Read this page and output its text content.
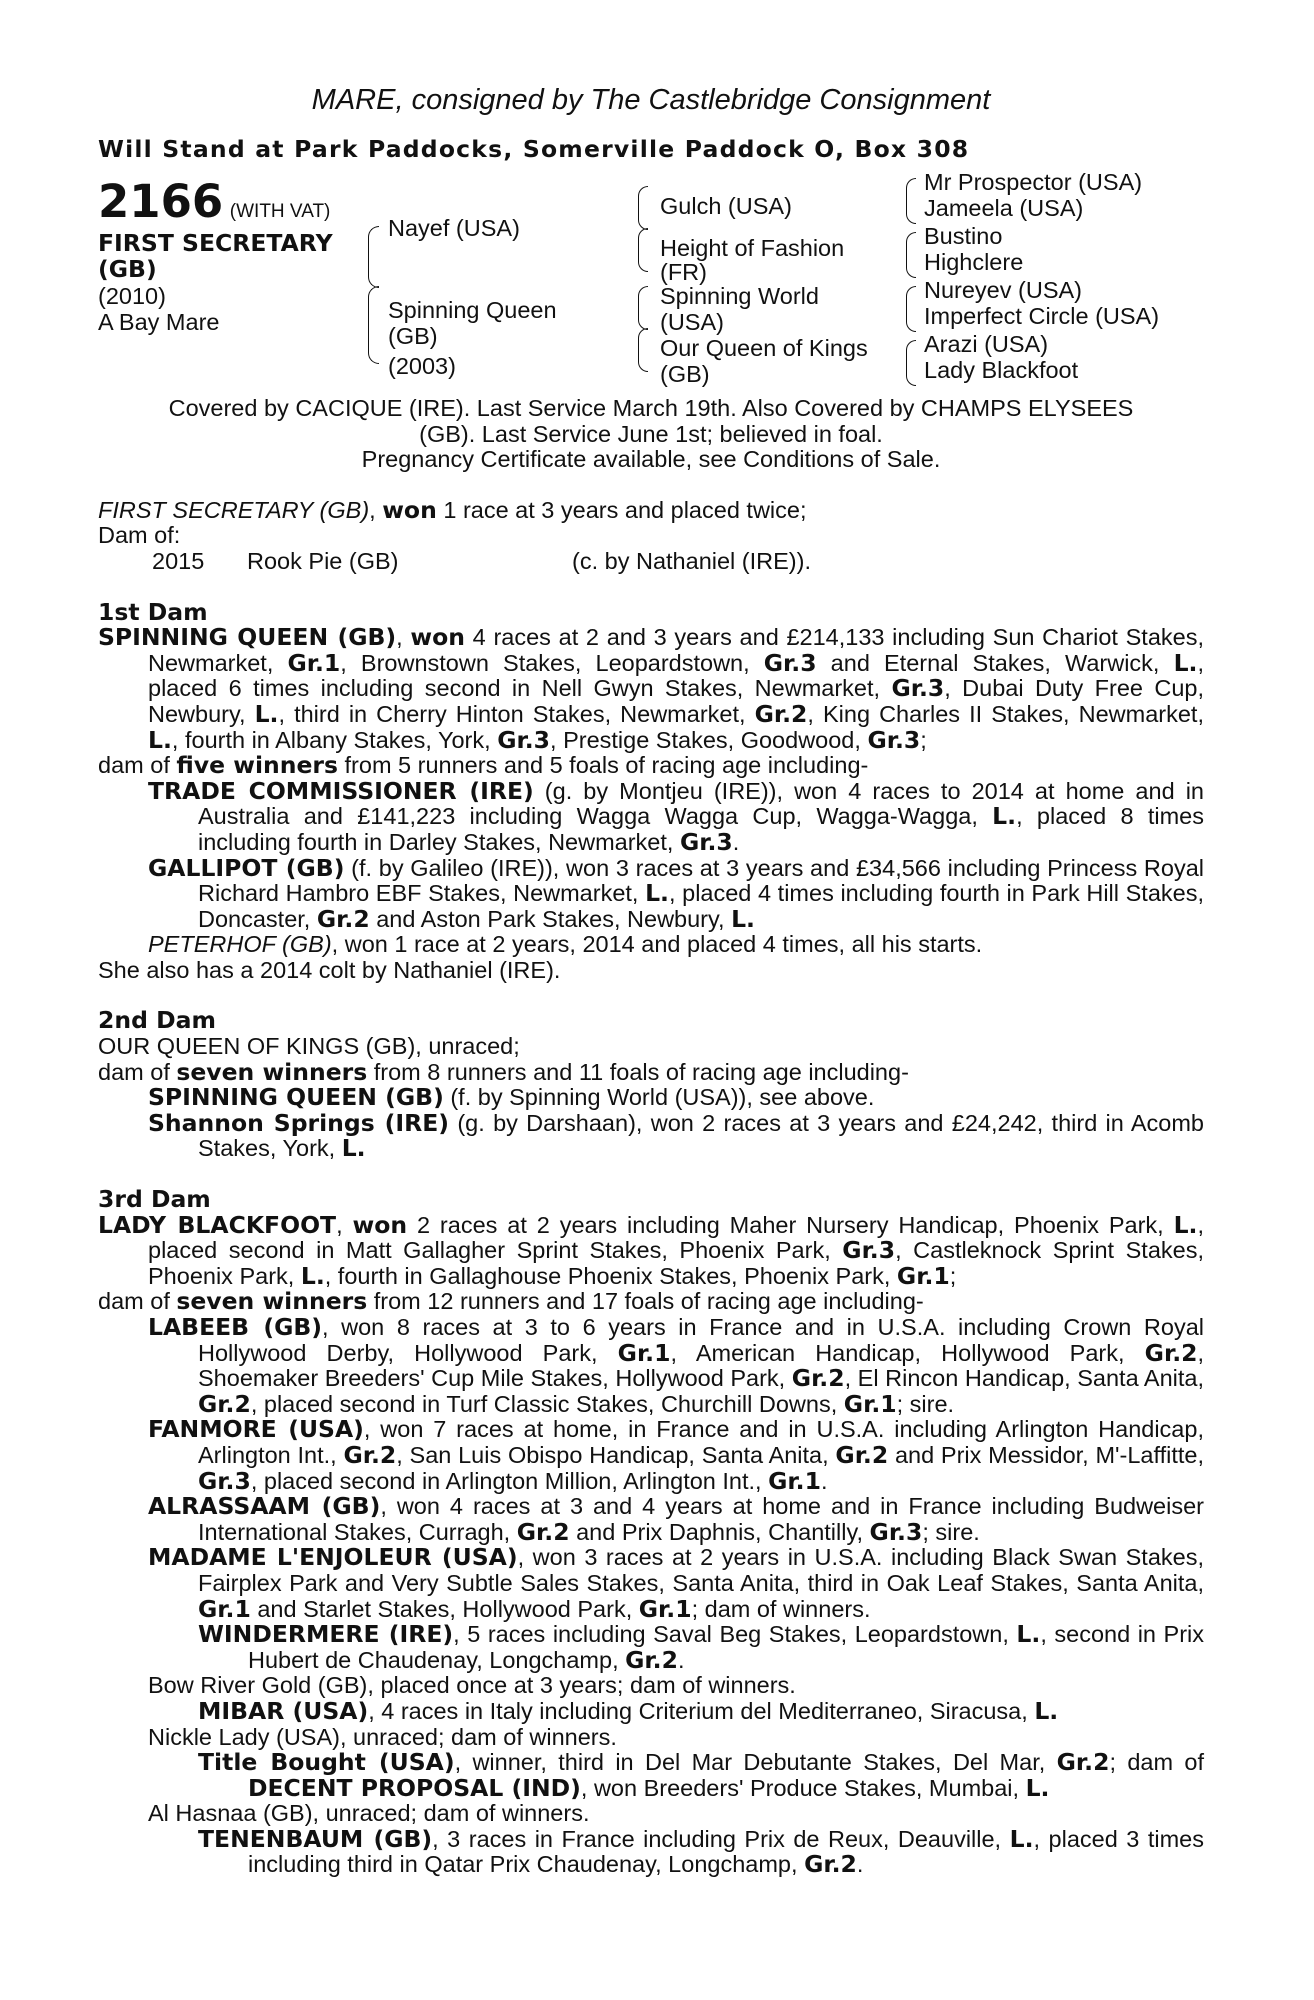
MARE, consigned by The Castlebridge Consignment

Will Stand at Park Paddocks, Somerville Paddock O, Box 308

2166 (WITH VAT)
FIRST SECRETARY
(GB)
(2010)
A Bay Mare
Nayef (USA)
Spinning Queen
(GB)
(2003)
Gulch (USA)
Height of Fashion
(FR)
Spinning World
(USA)
Our Queen of Kings
(GB)
Mr Prospector (USA)
Jameela (USA)
Bustino
Highclere
Nureyev (USA)
Imperfect Circle (USA)
Arazi (USA)
Lady Blackfoot

Covered by CACIQUE (IRE). Last Service March 19th. Also Covered by CHAMPS ELYSEES

(GB). Last Service June 1st; believed in foal.

Pregnancy Certificate available, see Conditions of Sale.

FIRST SECRETARY (GB), won 1 race at 3 years and placed twice;

Dam of:

2015	Rook Pie (GB)	(c. by Nathaniel (IRE)).

1st Dam

SPINNING QUEEN (GB), won 4 races at 2 and 3 years and £214,133 including Sun Chariot Stakes, Newmarket, Gr.1, Brownstown Stakes, Leopardstown, Gr.3 and Eternal Stakes, Warwick, L., placed 6 times including second in Nell Gwyn Stakes, Newmarket, Gr.3, Dubai Duty Free Cup, Newbury, L., third in Cherry Hinton Stakes, Newmarket, Gr.2, King Charles II Stakes, Newmarket, L., fourth in Albany Stakes, York, Gr.3, Prestige Stakes, Goodwood, Gr.3;

dam of five winners from 5 runners and 5 foals of racing age including-

TRADE COMMISSIONER (IRE) (g. by Montjeu (IRE)), won 4 races to 2014 at home and in Australia and £141,223 including Wagga Wagga Cup, Wagga-Wagga, L., placed 8 times including fourth in Darley Stakes, Newmarket, Gr.3.

GALLIPOT (GB) (f. by Galileo (IRE)), won 3 races at 3 years and £34,566 including Princess Royal Richard Hambro EBF Stakes, Newmarket, L., placed 4 times including fourth in Park Hill Stakes, Doncaster, Gr.2 and Aston Park Stakes, Newbury, L.

PETERHOF (GB), won 1 race at 2 years, 2014 and placed 4 times, all his starts.

She also has a 2014 colt by Nathaniel (IRE).

2nd Dam

OUR QUEEN OF KINGS (GB), unraced;

dam of seven winners from 8 runners and 11 foals of racing age including-

SPINNING QUEEN (GB) (f. by Spinning World (USA)), see above.

Shannon Springs (IRE) (g. by Darshaan), won 2 races at 3 years and £24,242, third in Acomb Stakes, York, L.

3rd Dam

LADY BLACKFOOT, won 2 races at 2 years including Maher Nursery Handicap, Phoenix Park, L., placed second in Matt Gallagher Sprint Stakes, Phoenix Park, Gr.3, Castleknock Sprint Stakes, Phoenix Park, L., fourth in Gallaghouse Phoenix Stakes, Phoenix Park, Gr.1;

dam of seven winners from 12 runners and 17 foals of racing age including-

LABEEB (GB), won 8 races at 3 to 6 years in France and in U.S.A. including Crown Royal Hollywood Derby, Hollywood Park, Gr.1, American Handicap, Hollywood Park, Gr.2, Shoemaker Breeders' Cup Mile Stakes, Hollywood Park, Gr.2, El Rincon Handicap, Santa Anita, Gr.2, placed second in Turf Classic Stakes, Churchill Downs, Gr.1; sire.

FANMORE (USA), won 7 races at home, in France and in U.S.A. including Arlington Handicap, Arlington Int., Gr.2, San Luis Obispo Handicap, Santa Anita, Gr.2 and Prix Messidor, M'-Laffitte, Gr.3, placed second in Arlington Million, Arlington Int., Gr.1.

ALRASSAAM (GB), won 4 races at 3 and 4 years at home and in France including Budweiser International Stakes, Curragh, Gr.2 and Prix Daphnis, Chantilly, Gr.3; sire.

MADAME L'ENJOLEUR (USA), won 3 races at 2 years in U.S.A. including Black Swan Stakes, Fairplex Park and Very Subtle Sales Stakes, Santa Anita, third in Oak Leaf Stakes, Santa Anita, Gr.1 and Starlet Stakes, Hollywood Park, Gr.1; dam of winners.

WINDERMERE (IRE), 5 races including Saval Beg Stakes, Leopardstown, L., second in Prix Hubert de Chaudenay, Longchamp, Gr.2.

Bow River Gold (GB), placed once at 3 years; dam of winners.

MIBAR (USA), 4 races in Italy including Criterium del Mediterraneo, Siracusa, L.

Nickle Lady (USA), unraced; dam of winners.

Title Bought (USA), winner, third in Del Mar Debutante Stakes, Del Mar, Gr.2; dam of DECENT PROPOSAL (IND), won Breeders' Produce Stakes, Mumbai, L.

Al Hasnaa (GB), unraced; dam of winners.

TENENBAUM (GB), 3 races in France including Prix de Reux, Deauville, L., placed 3 times including third in Qatar Prix Chaudenay, Longchamp, Gr.2.
